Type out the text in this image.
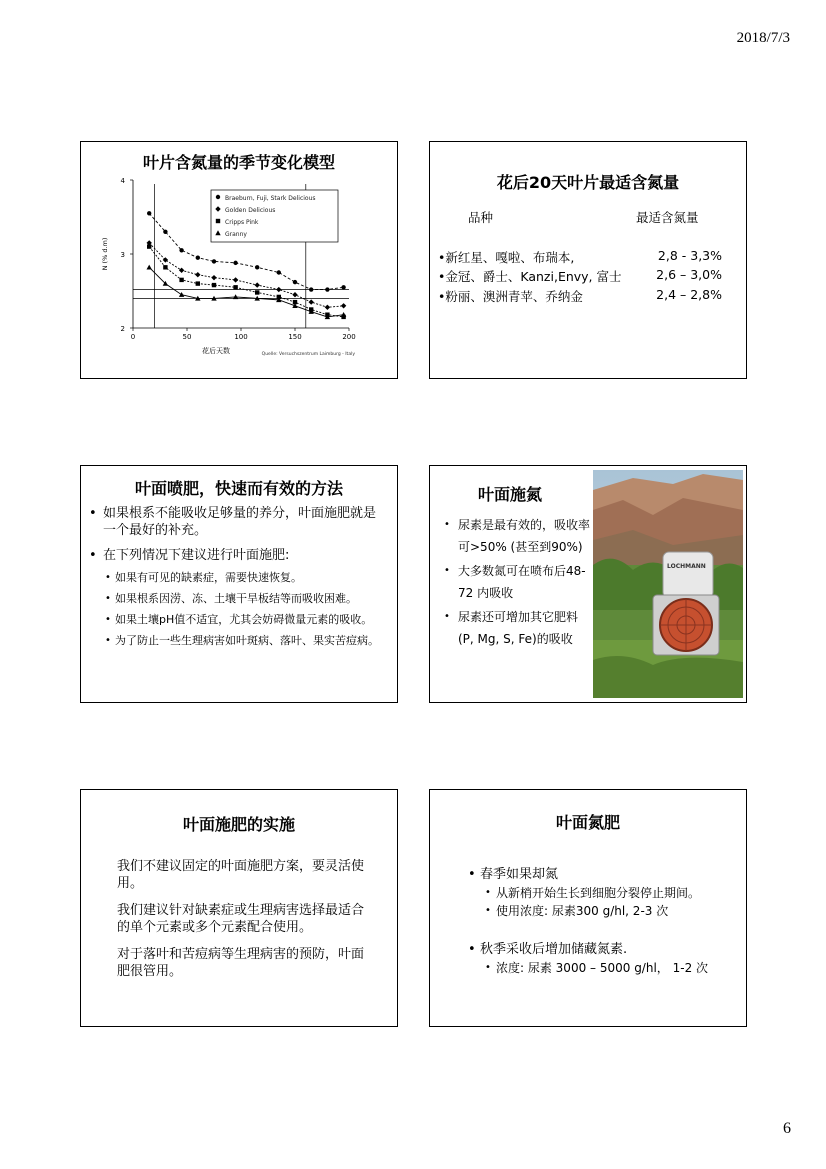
2018/7/3
叶片含氮量的季节变化模型
2
3
4
0	50	100	150	200
花后天数
N (% d.m)
Quelle: Versuchszentrum Laimburg - Italy
Braeburn, Fuji, Stark Delicious
Golden Delicious
Cripps Pink
Granny
花后20天叶片最适含氮量
品种	最适含氮量
•新红星、嘎啦、布瑞本,	2,8 - 3,3%
•金冠、爵士、Kanzi,Envy, 富士	2,6 – 3,0%
•粉丽、澳洲青苹、乔纳金	2,4 – 2,8%
叶面喷肥，快速而有效的方法
• 如果根系不能吸收足够量的养分，叶面施肥就是一个最好的补充。
• 在下列情况下建议进行叶面施肥:
• 如果有可见的缺素症，需要快速恢复。
• 如果根系因涝、冻、土壤干旱板结等而吸收困难。
• 如果土壤pH值不适宜，尤其会妨碍微量元素的吸收。
• 为了防止一些生理病害如叶斑病、落叶、果实苦痘病。
叶面施氮
• 尿素是最有效的，吸收率可>50% (甚至到90%)
• 大多数氮可在喷布后48-72 内吸收
• 尿素还可增加其它肥料(P, Mg, S, Fe)的吸收
LOCHMANN
叶面施肥的实施

我们不建议固定的叶面施肥方案，要灵活使用。

我们建议针对缺素症或生理病害选择最适合的单个元素或多个元素配合使用。

对于落叶和苦痘病等生理病害的预防，叶面肥很管用。

叶面氮肥
• 春季如果却氮
• 从新梢开始生长到细胞分裂停止期间。
• 使用浓度: 尿素300 g/hl, 2-3 次
• 秋季采收后增加储藏氮素.
• 浓度: 尿素 3000 – 5000 g/hl， 1-2 次
6
